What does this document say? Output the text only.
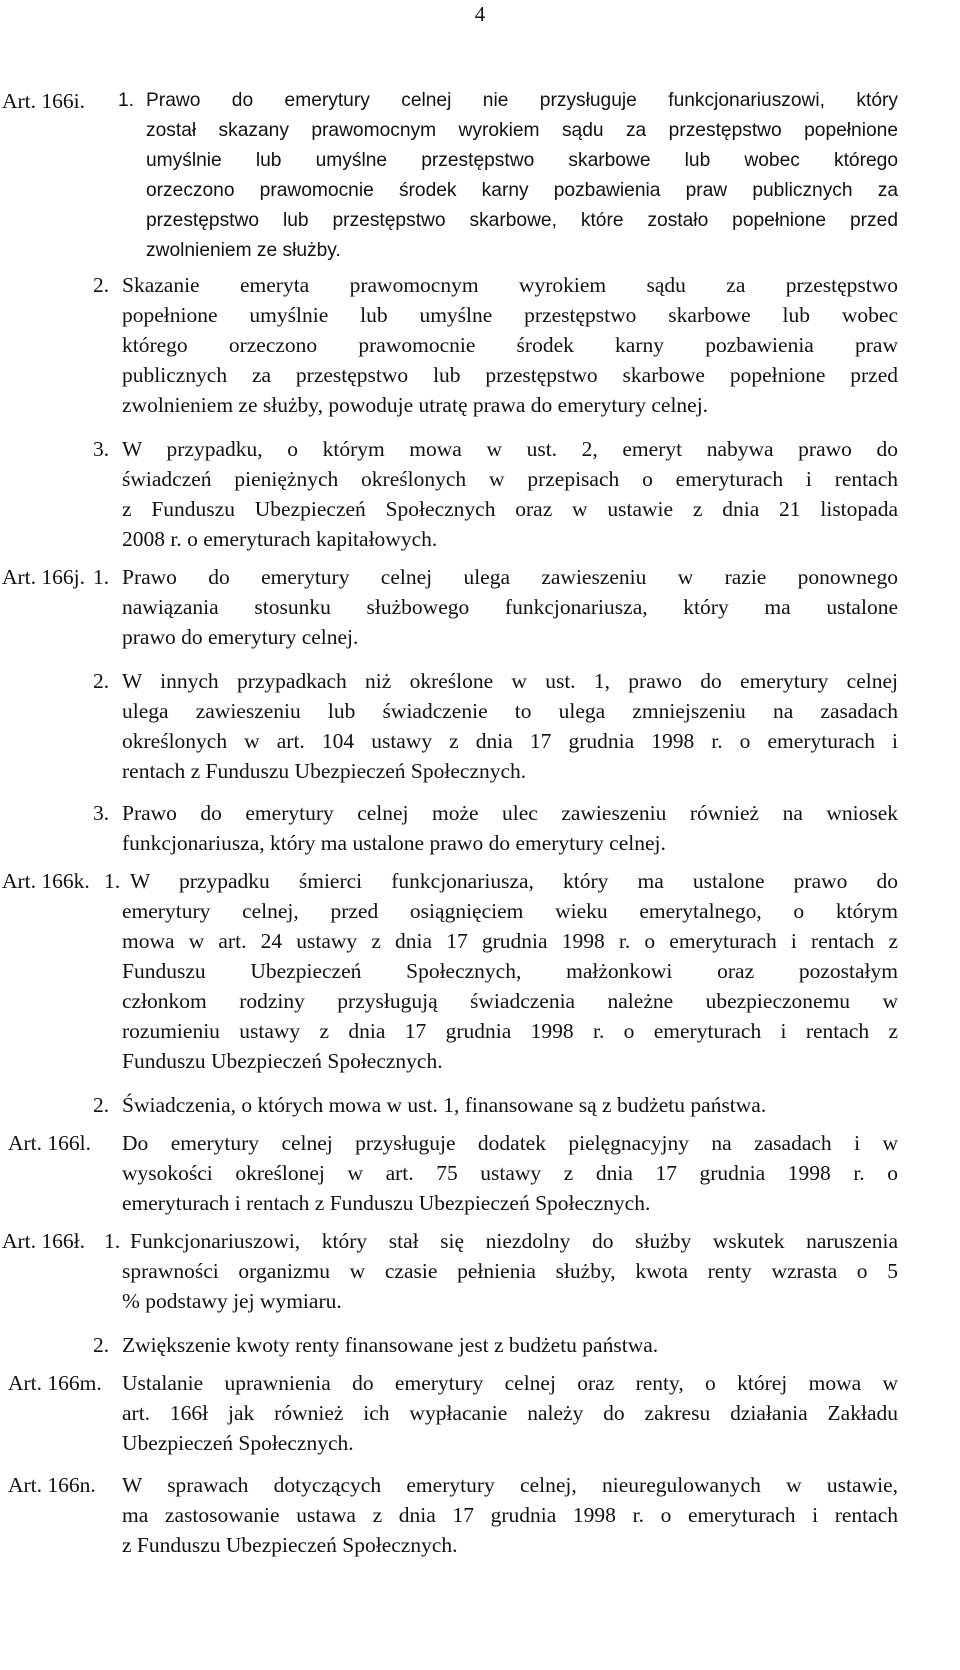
4
Art. 166i. 1. Prawo do emerytury celnej nie przysługuje funkcjonariuszowi, który
został skazany prawomocnym wyrokiem sądu za przestępstwo popełnione
umyślnie lub umyślne przestępstwo skarbowe lub wobec którego
orzeczono prawomocnie środek karny pozbawienia praw publicznych za
przestępstwo lub przestępstwo skarbowe, które zostało popełnione przed
zwolnieniem ze służby.
2. Skazanie emeryta prawomocnym wyrokiem sądu za przestępstwo
popełnione umyślnie lub umyślne przestępstwo skarbowe lub wobec
którego orzeczono prawomocnie środek karny pozbawienia praw
publicznych za przestępstwo lub przestępstwo skarbowe popełnione przed
zwolnieniem ze służby, powoduje utratę prawa do emerytury celnej.
3. W przypadku, o którym mowa w ust. 2, emeryt nabywa prawo do
świadczeń pieniężnych określonych w przepisach o emeryturach i rentach
z Funduszu Ubezpieczeń Społecznych oraz w ustawie z dnia 21 listopada
2008 r. o emeryturach kapitałowych.
Art. 166j. 1. Prawo do emerytury celnej ulega zawieszeniu w razie ponownego
nawiązania stosunku służbowego funkcjonariusza, który ma ustalone
prawo do emerytury celnej.
2. W innych przypadkach niż określone w ust. 1, prawo do emerytury celnej
ulega zawieszeniu lub świadczenie to ulega zmniejszeniu na zasadach
określonych w art. 104 ustawy z dnia 17 grudnia 1998 r. o emeryturach i
rentach z Funduszu Ubezpieczeń Społecznych.
3. Prawo do emerytury celnej może ulec zawieszeniu również na wniosek
funkcjonariusza, który ma ustalone prawo do emerytury celnej.
Art. 166k. 1. W przypadku śmierci funkcjonariusza, który ma ustalone prawo do
emerytury celnej, przed osiągnięciem wieku emerytalnego, o którym
mowa w art. 24 ustawy z dnia 17 grudnia 1998 r. o emeryturach i rentach z
Funduszu Ubezpieczeń Społecznych, małżonkowi oraz pozostałym
członkom rodziny przysługują świadczenia należne ubezpieczonemu w
rozumieniu ustawy z dnia 17 grudnia 1998 r. o emeryturach i rentach z
Funduszu Ubezpieczeń Społecznych.
2. Świadczenia, o których mowa w ust. 1, finansowane są z budżetu państwa.
Art. 166l. Do emerytury celnej przysługuje dodatek pielęgnacyjny na zasadach i w
wysokości określonej w art. 75 ustawy z dnia 17 grudnia 1998 r. o
emeryturach i rentach z Funduszu Ubezpieczeń Społecznych.
Art. 166ł. 1. Funkcjonariuszowi, który stał się niezdolny do służby wskutek naruszenia
sprawności organizmu w czasie pełnienia służby, kwota renty wzrasta o 5
% podstawy jej wymiaru.
2. Zwiększenie kwoty renty finansowane jest z budżetu państwa.
Art. 166m. Ustalanie uprawnienia do emerytury celnej oraz renty, o której mowa w
art. 166ł jak również ich wypłacanie należy do zakresu działania Zakładu
Ubezpieczeń Społecznych.
Art. 166n. W sprawach dotyczących emerytury celnej, nieuregulowanych w ustawie,
ma zastosowanie ustawa z dnia 17 grudnia 1998 r. o emeryturach i rentach
z Funduszu Ubezpieczeń Społecznych.
